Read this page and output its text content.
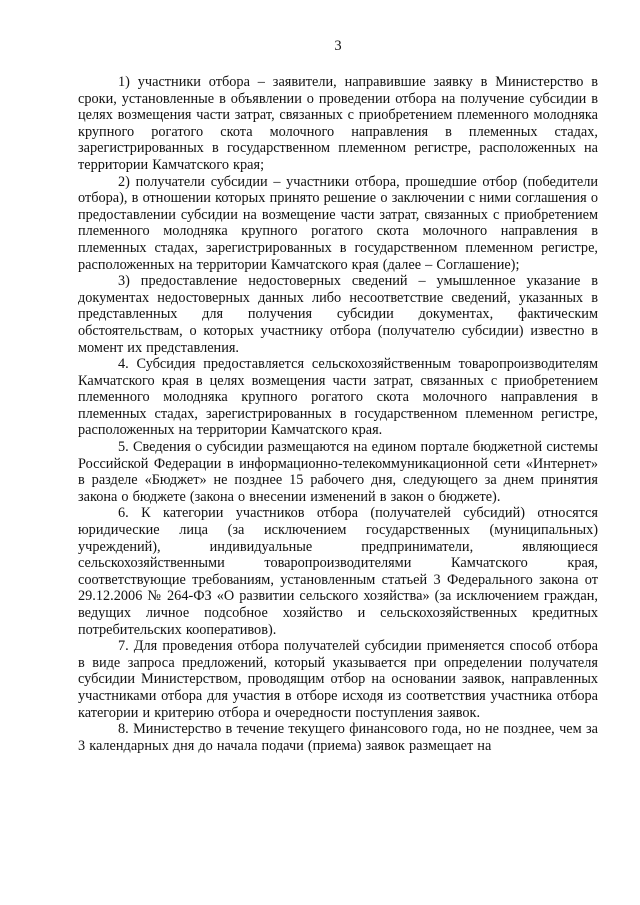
3

1) участники отбора – заявители, направившие заявку в Министерство в сроки, установленные в объявлении о проведении отбора на получение субсидии в целях возмещения части затрат, связанных с приобретением племенного молодняка крупного рогатого скота молочного направления в племенных стадах, зарегистрированных в государственном племенном регистре, расположенных на территории Камчатского края;

2) получатели субсидии – участники отбора, прошедшие отбор (победители отбора), в отношении которых принято решение о заключении с ними соглашения о предоставлении субсидии на возмещение части затрат, связанных с приобретением племенного молодняка крупного рогатого скота молочного направления в племенных стадах, зарегистрированных в государственном племенном регистре, расположенных на территории Камчатского края (далее – Соглашение);

3) предоставление недостоверных сведений – умышленное указание в документах недостоверных данных либо несоответствие сведений, указанных в представленных для получения субсидии документах, фактическим обстоятельствам, о которых участнику отбора (получателю субсидии) известно в момент их представления.

4. Субсидия предоставляется сельскохозяйственным товаропроизводителям Камчатского края в целях возмещения части затрат, связанных с приобретением племенного молодняка крупного рогатого скота молочного направления в племенных стадах, зарегистрированных в государственном племенном регистре, расположенных на территории Камчатского края.

5. Сведения о субсидии размещаются на едином портале бюджетной системы Российской Федерации в информационно-телекоммуникационной сети «Интернет» в разделе «Бюджет» не позднее 15 рабочего дня, следующего за днем принятия закона о бюджете (закона о внесении изменений в закон о бюджете).

6. К категории участников отбора (получателей субсидий) относятся юридические лица (за исключением государственных (муниципальных) учреждений), индивидуальные предприниматели, являющиеся сельскохозяйственными товаропроизводителями Камчатского края, соответствующие требованиям, установленным статьей 3 Федерального закона от 29.12.2006 № 264-ФЗ «О развитии сельского хозяйства» (за исключением граждан, ведущих личное подсобное хозяйство и сельскохозяйственных кредитных потребительских кооперативов).

7. Для проведения отбора получателей субсидии применяется способ отбора в виде запроса предложений, который указывается при определении получателя субсидии Министерством, проводящим отбор на основании заявок, направленных участниками отбора для участия в отборе исходя из соответствия участника отбора категории и критерию отбора и очередности поступления заявок.

8. Министерство в течение текущего финансового года, но не позднее, чем за 3 календарных дня до начала подачи (приема) заявок размещает на
